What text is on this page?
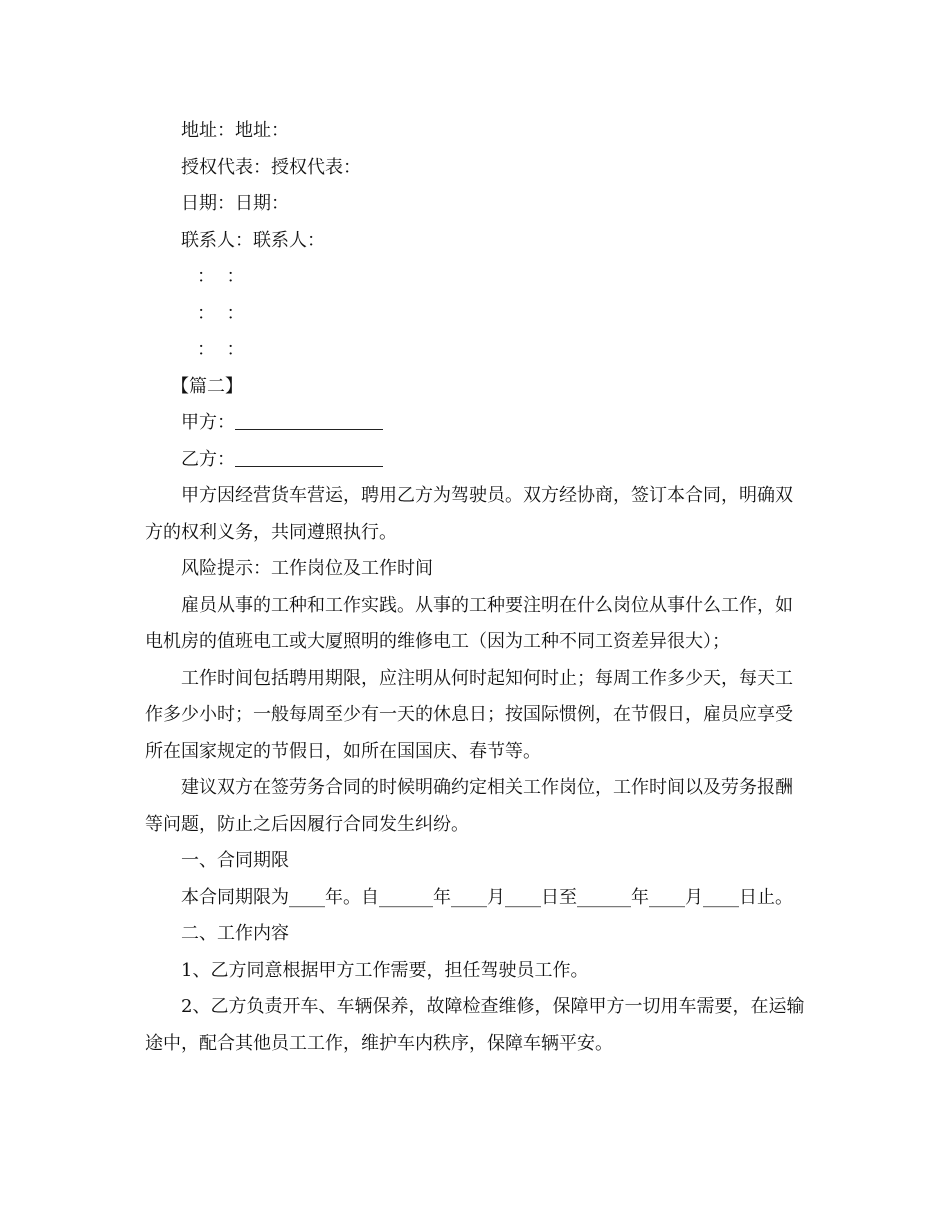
地址：地址：

授权代表：授权代表：

日期：日期：

联系人：联系人：

：  ：

：  ：

：  ：

【篇二】

甲方：

乙方：

甲方因经营货车营运，聘用乙方为驾驶员。双方经协商，签订本合同，明确双方的权利义务，共同遵照执行。

风险提示：工作岗位及工作时间

雇员从事的工种和工作实践。从事的工种要注明在什么岗位从事什么工作，如电机房的值班电工或大厦照明的维修电工（因为工种不同工资差异很大）；

工作时间包括聘用期限，应注明从何时起知何时止；每周工作多少天，每天工作多少小时；一般每周至少有一天的休息日；按国际惯例，在节假日，雇员应享受所在国家规定的节假日，如所在国国庆、春节等。

建议双方在签劳务合同的时候明确约定相关工作岗位，工作时间以及劳务报酬等问题，防止之后因履行合同发生纠纷。

一、合同期限

本合同期限为____年。自______年____月____日至______年____月____日止。

二、工作内容

1、乙方同意根据甲方工作需要，担任驾驶员工作。

2、乙方负责开车、车辆保养，故障检查维修，保障甲方一切用车需要，在运输途中，配合其他员工工作，维护车内秩序，保障车辆平安。
